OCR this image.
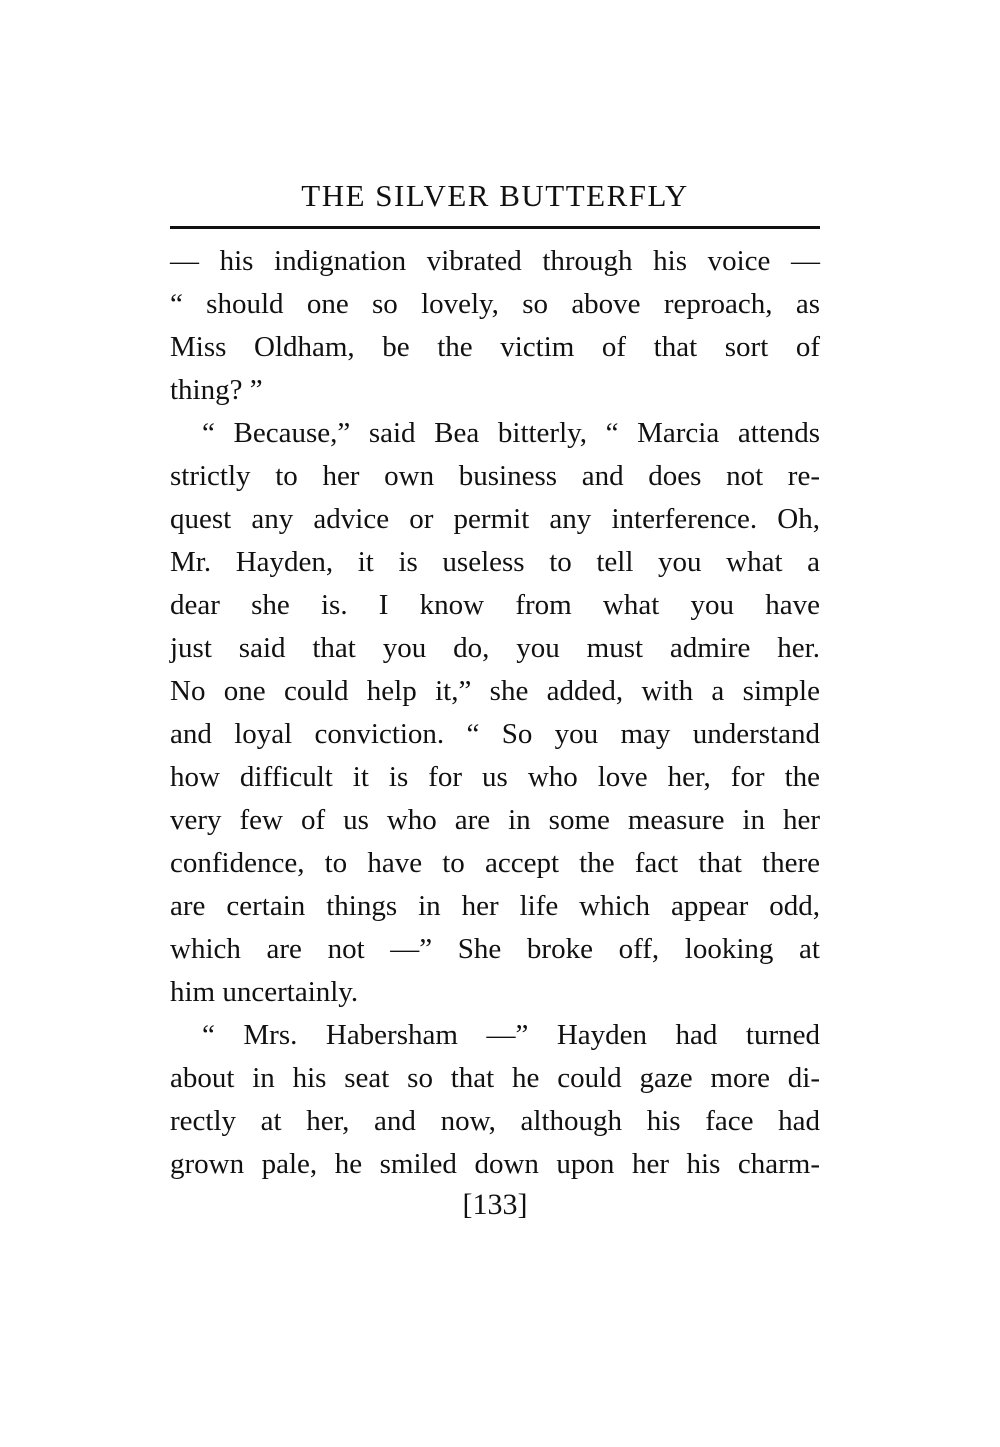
THE SILVER BUTTERFLY
— his indignation vibrated through his voice —
“ should one so lovely, so above reproach, as
Miss Oldham, be the victim of that sort of
thing? ”
“ Because,” said Bea bitterly, “ Marcia attends
strictly to her own business and does not re-
quest any advice or permit any interference. Oh,
Mr. Hayden, it is useless to tell you what a
dear she is. I know from what you have
just said that you do, you must admire her.
No one could help it,” she added, with a simple
and loyal conviction. “ So you may understand
how difficult it is for us who love her, for the
very few of us who are in some measure in her
confidence, to have to accept the fact that there
are certain things in her life which appear odd,
which are not —” She broke off, looking at
him uncertainly.
“ Mrs. Habersham —” Hayden had turned
about in his seat so that he could gaze more di-
rectly at her, and now, although his face had
grown pale, he smiled down upon her his charm-
[133]
